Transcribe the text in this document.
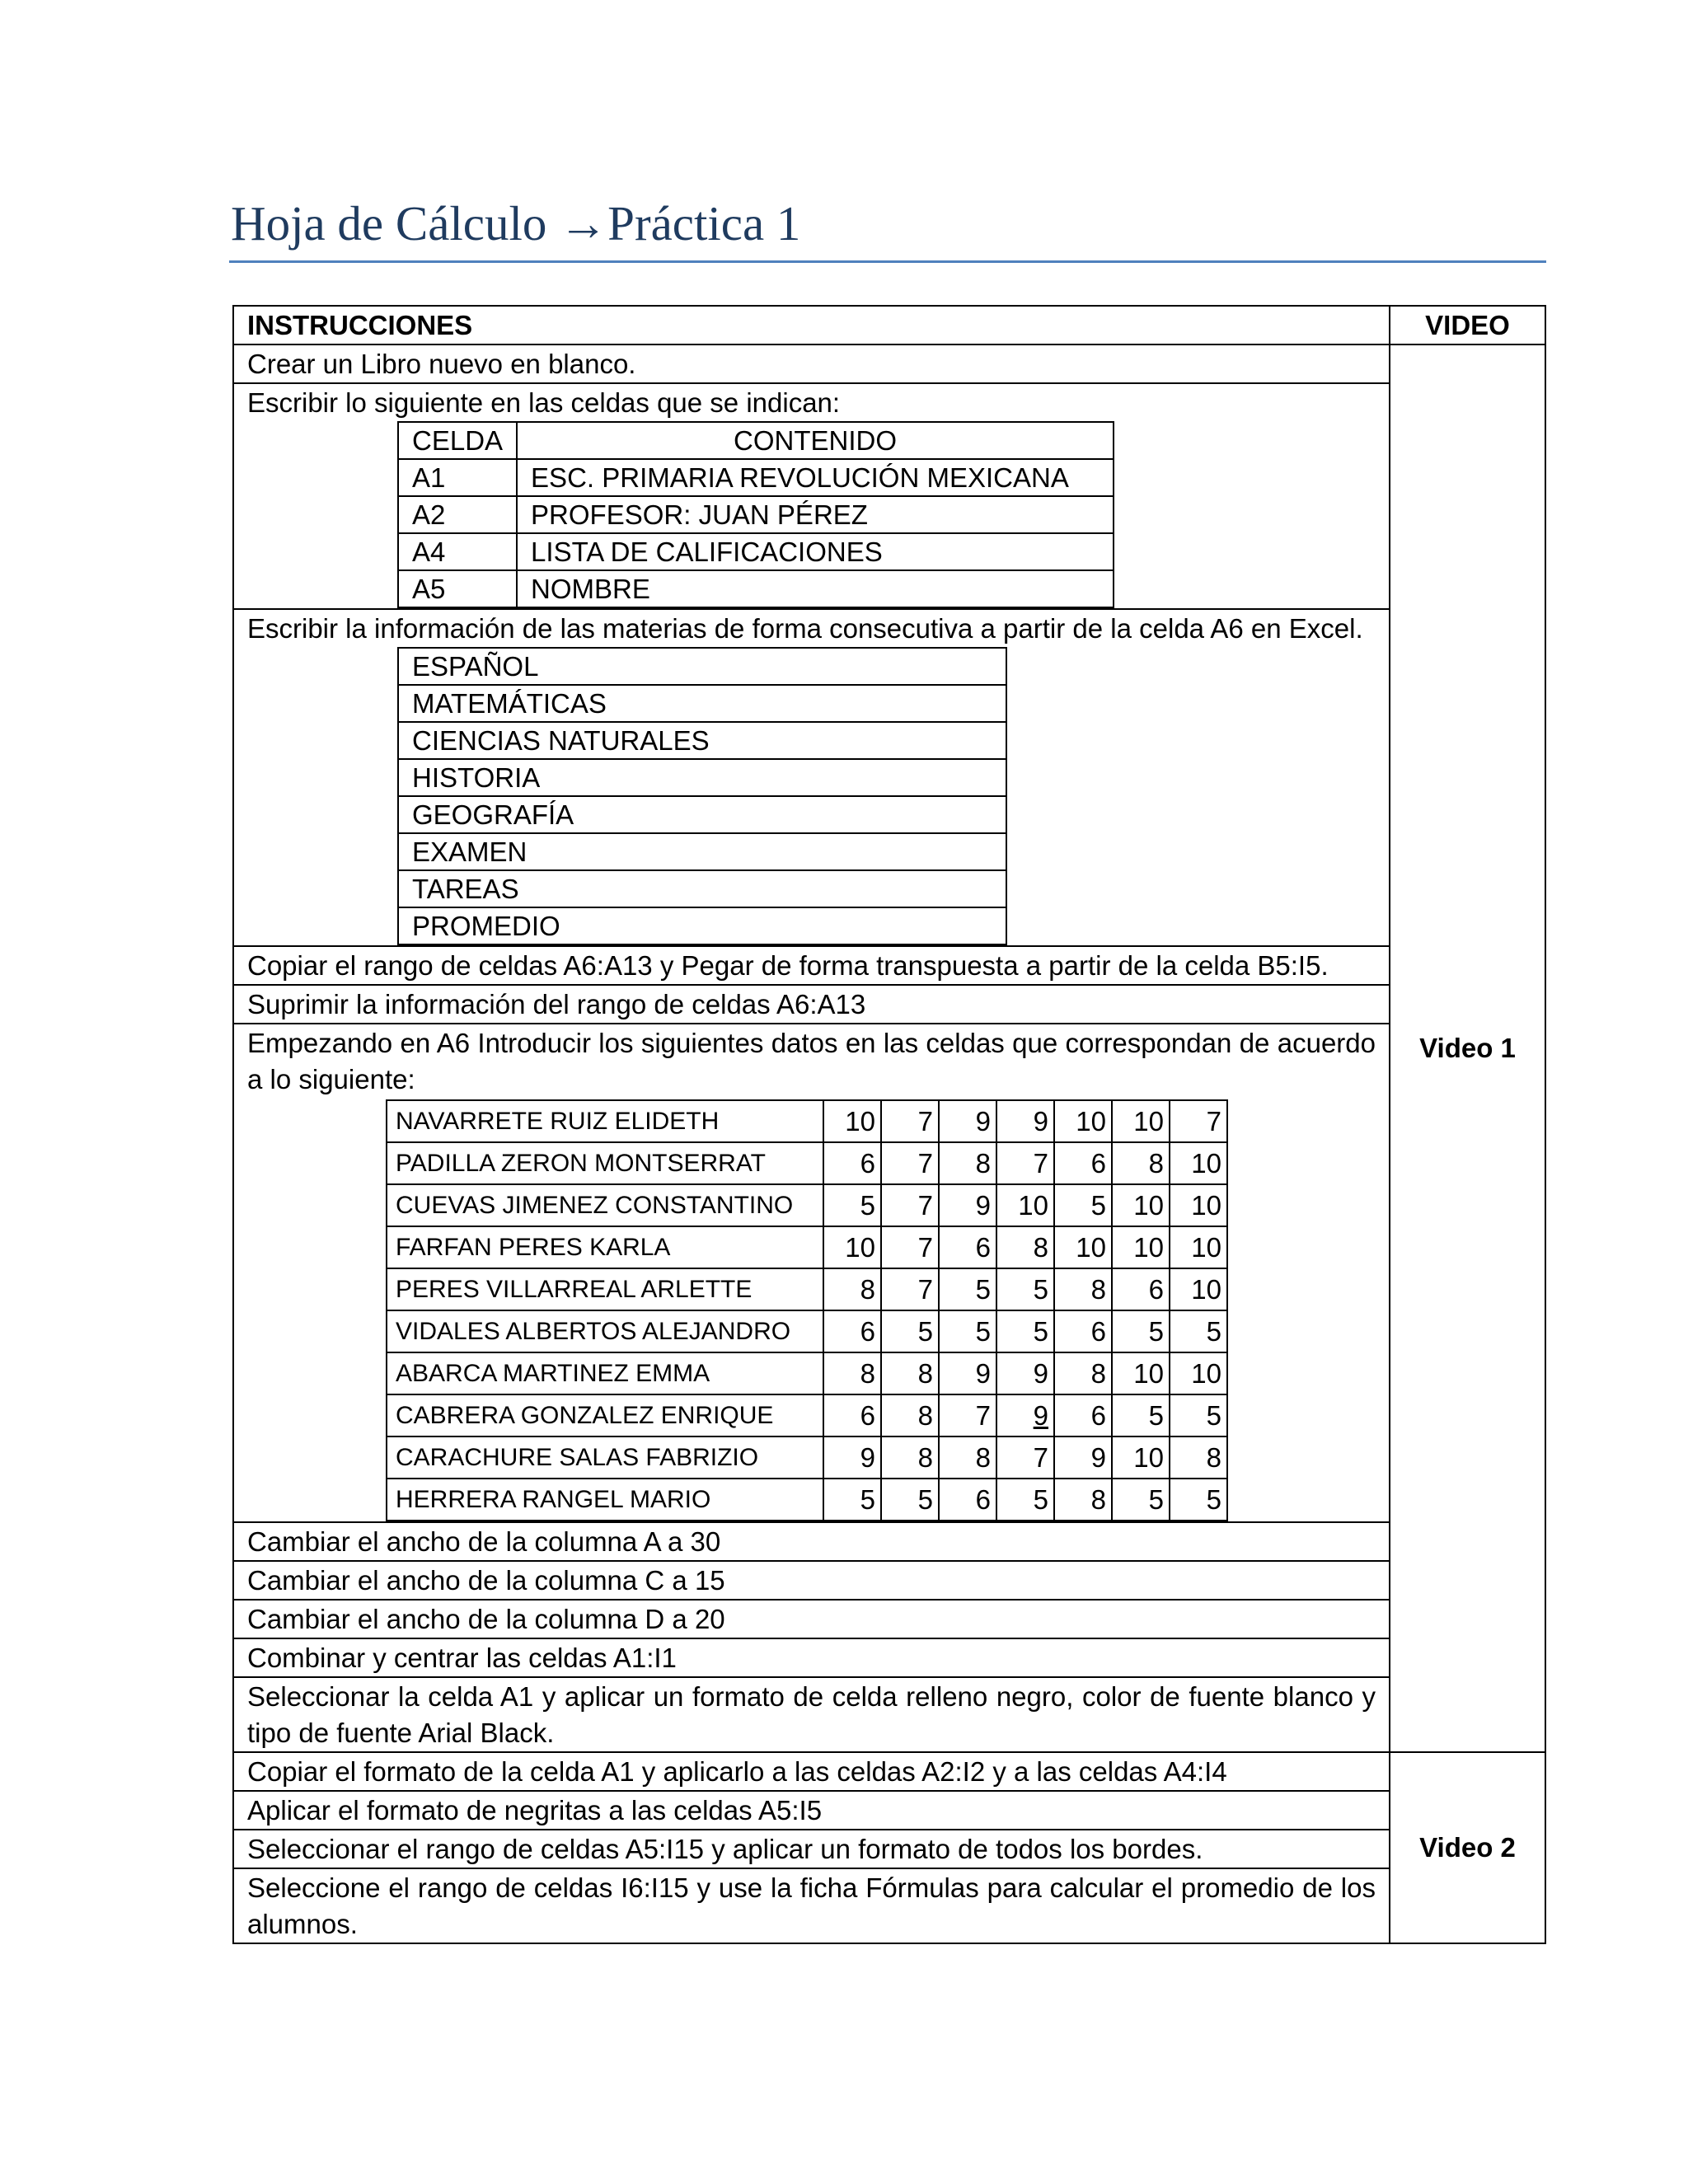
Hoja de Cálculo →Práctica 1
INSTRUCCIONES	VIDEO
Crear un Libro nuevo en blanco.	Video 1

Escribir lo siguiente en las celdas que se indican:
CELDA	CONTENIDO
A1	ESC. PRIMARIA REVOLUCIÓN MEXICANA
A2	PROFESOR: JUAN PÉREZ
A4	LISTA DE CALIFICACIONES
A5	NOMBRE

Escribir la información de las materias de forma consecutiva a partir de la celda A6 en Excel.
ESPAÑOL
MATEMÁTICAS
CIENCIAS NATURALES
HISTORIA
GEOGRAFÍA
EXAMEN
TAREAS
PROMEDIO

Copiar el rango de celdas A6:A13 y Pegar de forma transpuesta a partir de la celda B5:I5.
Suprimir la información del rango de celdas A6:A13

Empezando en A6 Introducir los siguientes datos en las celdas que correspondan de acuerdo a lo siguiente:
NAVARRETE RUIZ ELIDETH	10	7	9	9	10	10	7
PADILLA ZERON MONTSERRAT	6	7	8	7	6	8	10
CUEVAS JIMENEZ CONSTANTINO	5	7	9	10	5	10	10
FARFAN PERES KARLA	10	7	6	8	10	10	10
PERES VILLARREAL ARLETTE	8	7	5	5	8	6	10
VIDALES ALBERTOS ALEJANDRO	6	5	5	5	6	5	5
ABARCA MARTINEZ EMMA	8	8	9	9	8	10	10
CABRERA GONZALEZ ENRIQUE	6	8	7	9	6	5	5
CARACHURE SALAS FABRIZIO	9	8	8	7	9	10	8
HERRERA RANGEL MARIO	5	5	6	5	8	5	5

Cambiar el ancho de la columna A a 30
Cambiar el ancho de la columna C a 15
Cambiar el ancho de la columna D a 20
Combinar y centrar las celdas A1:I1
Seleccionar la celda A1 y aplicar un formato de celda relleno negro, color de fuente blanco y tipo de fuente Arial Black.
Copiar el formato de la celda A1 y aplicarlo a las celdas A2:I2 y a las celdas A4:I4	Video 2
Aplicar el formato de negritas a las celdas A5:I5
Seleccionar el rango de celdas A5:I15 y aplicar un formato de todos los bordes.
Seleccione el rango de celdas I6:I15 y use la ficha Fórmulas para calcular el promedio de los alumnos.
